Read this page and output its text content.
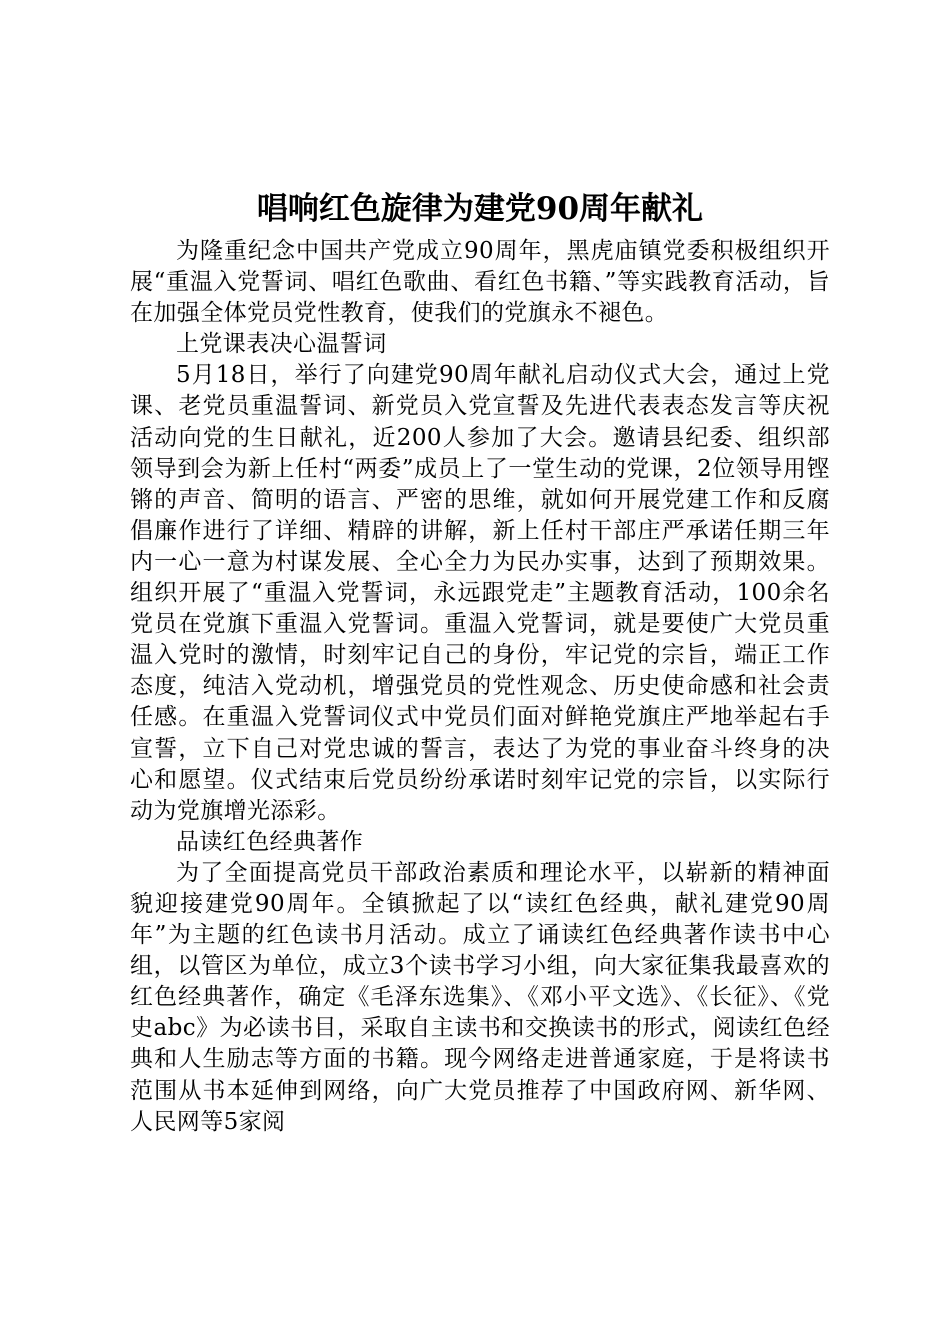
唱响红色旋律为建党90周年献礼

为隆重纪念中国共产党成立90周年，黑虎庙镇党委积极组织开展“重温入党誓词、唱红色歌曲、看红色书籍、”等实践教育活动，旨在加强全体党员党性教育，使我们的党旗永不褪色。

上党课表决心温誓词

5月18日，举行了向建党90周年献礼启动仪式大会，通过上党课、老党员重温誓词、新党员入党宣誓及先进代表表态发言等庆祝活动向党的生日献礼，近200人参加了大会。邀请县纪委、组织部领导到会为新上任村“两委”成员上了一堂生动的党课，2位领导用铿锵的声音、简明的语言、严密的思维，就如何开展党建工作和反腐倡廉作进行了详细、精辟的讲解，新上任村干部庄严承诺任期三年内一心一意为村谋发展、全心全力为民办实事，达到了预期效果。组织开展了“重温入党誓词，永远跟党走”主题教育活动，100余名党员在党旗下重温入党誓词。重温入党誓词，就是要使广大党员重温入党时的激情，时刻牢记自己的身份，牢记党的宗旨，端正工作态度，纯洁入党动机，增强党员的党性观念、历史使命感和社会责任感。在重温入党誓词仪式中党员们面对鲜艳党旗庄严地举起右手宣誓，立下自己对党忠诚的誓言，表达了为党的事业奋斗终身的决心和愿望。仪式结束后党员纷纷承诺时刻牢记党的宗旨，以实际行动为党旗增光添彩。

品读红色经典著作

为了全面提高党员干部政治素质和理论水平，以崭新的精神面貌迎接建党90周年。全镇掀起了以“读红色经典，献礼建党90周年”为主题的红色读书月活动。成立了诵读红色经典著作读书中心组，以管区为单位，成立3个读书学习小组，向大家征集我最喜欢的红色经典著作，确定《毛泽东选集》、《邓小平文选》、《长征》、《党史abc》为必读书目，采取自主读书和交换读书的形式，阅读红色经典和人生励志等方面的书籍。现今网络走进普通家庭，于是将读书范围从书本延伸到网络，向广大党员推荐了中国政府网、新华网、人民网等5家阅
